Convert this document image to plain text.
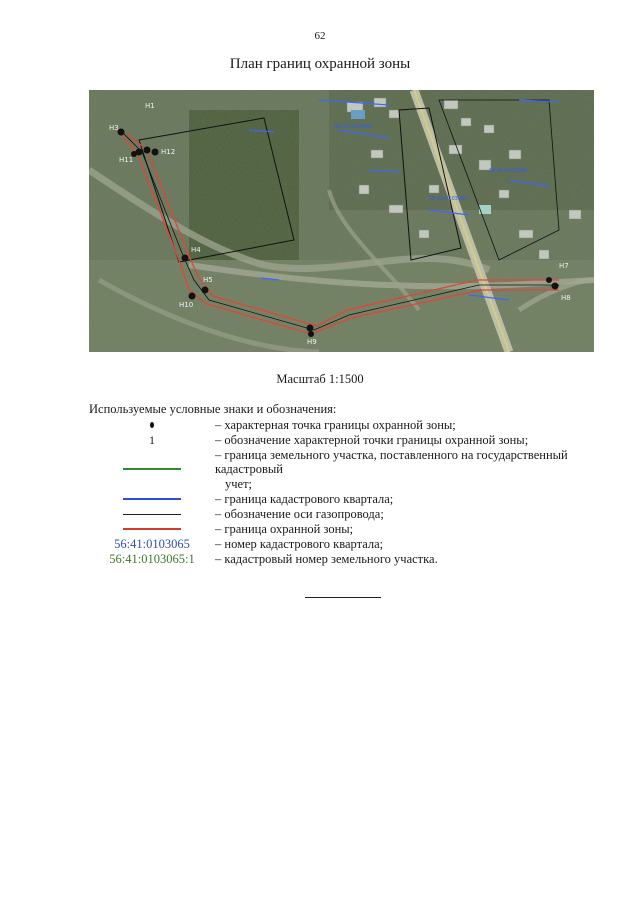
62
План границ охранной зоны
Н3
Н1
Н12
Н11
Н4
Н5
Н10
Н9
Н7
Н8
56:41:0103065
56:41:0103065
56:41:0103065
Масштаб 1:1500
Используемые условные знаки и обозначения:
– характерная точка границы охранной зоны;
1	– обозначение характерной точки границы охранной зоны;
– граница земельного участка, поставленного на государственный кадастровый
учет;
– граница кадастрового квартала;
– обозначение оси газопровода;
– граница охранной зоны;
56:41:0103065 – номер кадастрового квартала;
56:41:0103065:1 – кадастровый номер земельного участка.
